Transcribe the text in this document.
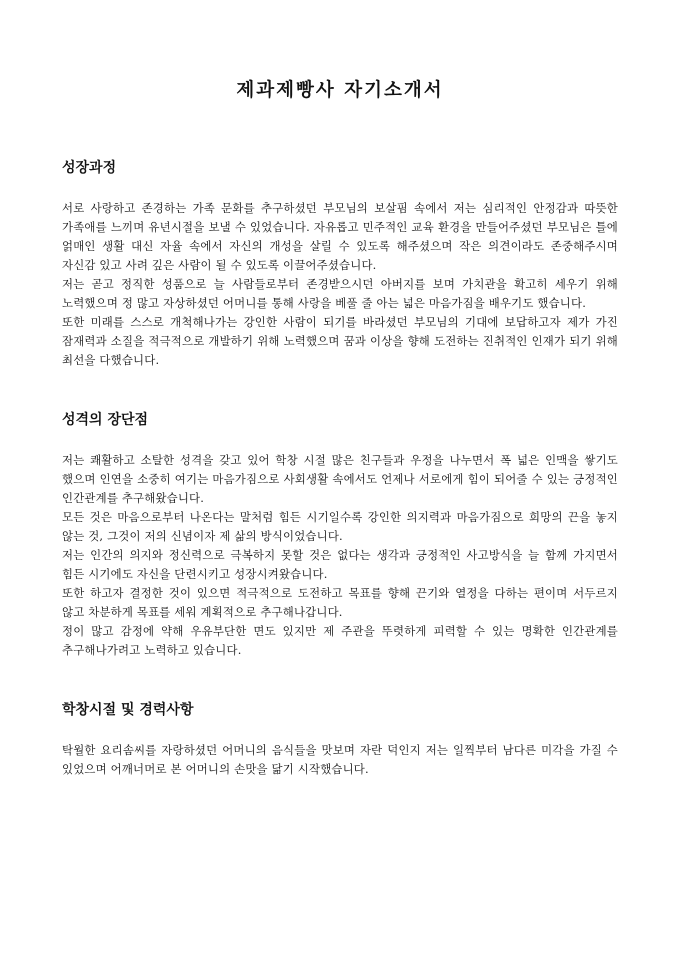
제과제빵사 자기소개서
성장과정

서로 사랑하고 존경하는 가족 문화를 추구하셨던 부모님의 보살핌 속에서 저는 심리적인 안정감과 따뜻한 가족애를 느끼며 유년시절을 보낼 수 있었습니다. 자유롭고 민주적인 교육 환경을 만들어주셨던 부모님은 틀에 얽매인 생활 대신 자율 속에서 자신의 개성을 살릴 수 있도록 해주셨으며 작은 의견이라도 존중해주시며 자신감 있고 사려 깊은 사람이 될 수 있도록 이끌어주셨습니다.

저는 곧고 정직한 성품으로 늘 사람들로부터 존경받으시던 아버지를 보며 가치관을 확고히 세우기 위해 노력했으며 정 많고 자상하셨던 어머니를 통해 사랑을 베풀 줄 아는 넓은 마음가짐을 배우기도 했습니다.

또한 미래를 스스로 개척해나가는 강인한 사람이 되기를 바라셨던 부모님의 기대에 보답하고자 제가 가진 잠재력과 소질을 적극적으로 개발하기 위해 노력했으며 꿈과 이상을 향해 도전하는 진취적인 인재가 되기 위해 최선을 다했습니다.

성격의 장단점

저는 쾌활하고 소탈한 성격을 갖고 있어 학창 시절 많은 친구들과 우정을 나누면서 폭 넓은 인맥을 쌓기도 했으며 인연을 소중히 여기는 마음가짐으로 사회생활 속에서도 언제나 서로에게 힘이 되어줄 수 있는 긍정적인 인간관계를 추구해왔습니다.

모든 것은 마음으로부터 나온다는 말처럼 힘든 시기일수록 강인한 의지력과 마음가짐으로 희망의 끈을 놓지 않는 것, 그것이 저의 신념이자 제 삶의 방식이었습니다.

저는 인간의 의지와 정신력으로 극복하지 못할 것은 없다는 생각과 긍정적인 사고방식을 늘 함께 가지면서 힘든 시기에도 자신을 단련시키고 성장시켜왔습니다.

또한 하고자 결정한 것이 있으면 적극적으로 도전하고 목표를 향해 끈기와 열정을 다하는 편이며 서두르지 않고 차분하게 목표를 세워 계획적으로 추구해나갑니다.

정이 많고 감정에 약해 우유부단한 면도 있지만 제 주관을 뚜렷하게 피력할 수 있는 명확한 인간관계를 추구해나가려고 노력하고 있습니다.

학창시절 및 경력사항

탁월한 요리솜씨를 자랑하셨던 어머니의 음식들을 맛보며 자란 덕인지 저는 일찍부터 남다른 미각을 가질 수 있었으며 어깨너머로 본 어머니의 손맛을 닮기 시작했습니다.
